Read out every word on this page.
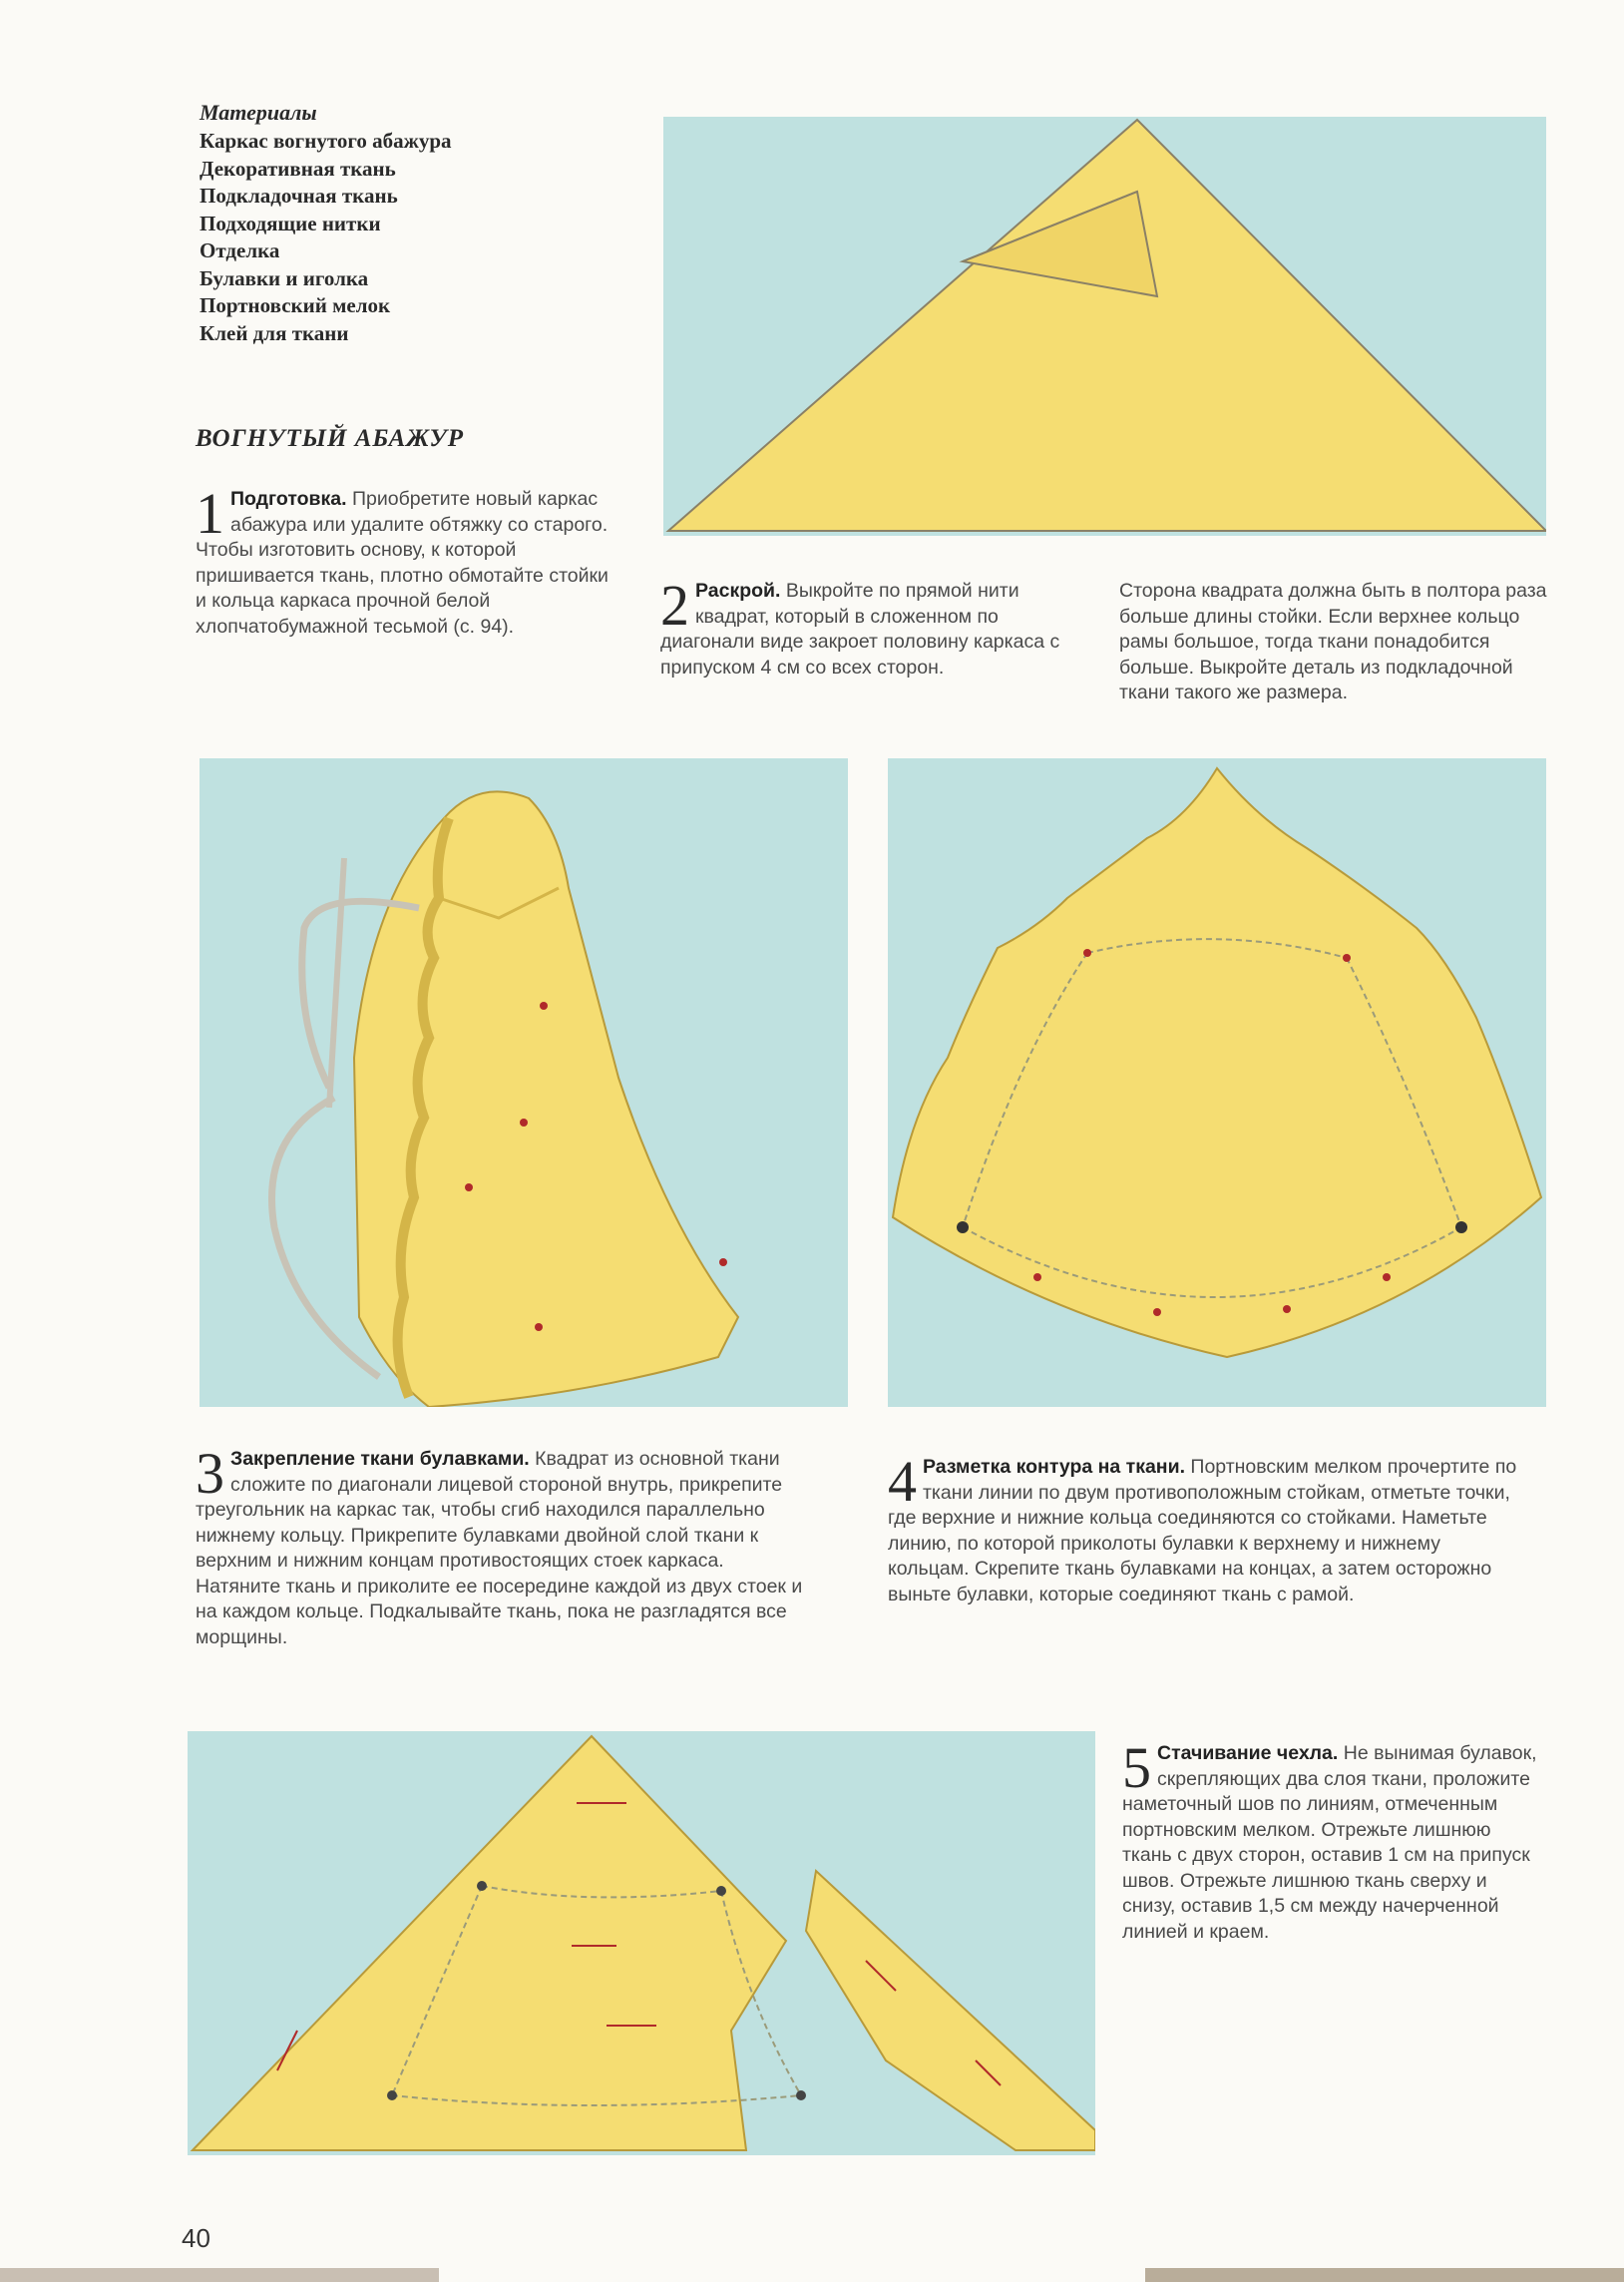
Материалы
Каркас вогнутого абажура
Декоративная ткань
Подкладочная ткань
Подходящие нитки
Отделка
Булавки и иголка
Портновский мелок
Клей для ткани
ВОГНУТЫЙ АБАЖУР
1 Подготовка. Приобретите новый каркас абажура или удалите обтяжку со старого. Чтобы изготовить основу, к которой пришивается ткань, плотно обмотайте стойки и кольца каркаса прочной белой хлопчатобумажной тесьмой (с. 94).	2 Раскрой. Выкройте по прямой нити квадрат, который в сложенном по диагонали виде закроет половину каркаса с припуском 4 см со всех сторон.
Сторона квадрата должна быть в полтора раза больше длины стойки. Если верхнее кольцо рамы большое, тогда ткани понадобится больше. Выкройте деталь из подкладочной ткани такого же размера.
3 Закрепление ткани булавками. Квадрат из основной ткани сложите по диагонали лицевой стороной внутрь, прикрепите треугольник на каркас так, чтобы сгиб находился параллельно нижнему кольцу. Прикрепите булавками двойной слой ткани к верхним и нижним концам противостоящих стоек каркаса. Натяните ткань и приколите ее посередине каждой из двух стоек и на каждом кольце. Подкалывайте ткань, пока не разгладятся все морщины.
4 Разметка контура на ткани. Портновским мелком прочертите по ткани линии по двум противоположным стойкам, отметьте точки, где верхние и нижние кольца соединяются со стойками. Наметьте линию, по которой приколоты булавки к верхнему и нижнему кольцам. Скрепите ткань булавками на концах, а затем осторожно выньте булавки, которые соединяют ткань с рамой.
5 Стачивание чехла. Не вынимая булавок, скрепляющих два слоя ткани, проложите наметочный шов по линиям, отмеченным портновским мелком. Отрежьте лишнюю ткань с двух сторон, оставив 1 см на припуск швов. Отрежьте лишнюю ткань сверху и снизу, оставив 1,5 см между начерченной линией и краем.
40
